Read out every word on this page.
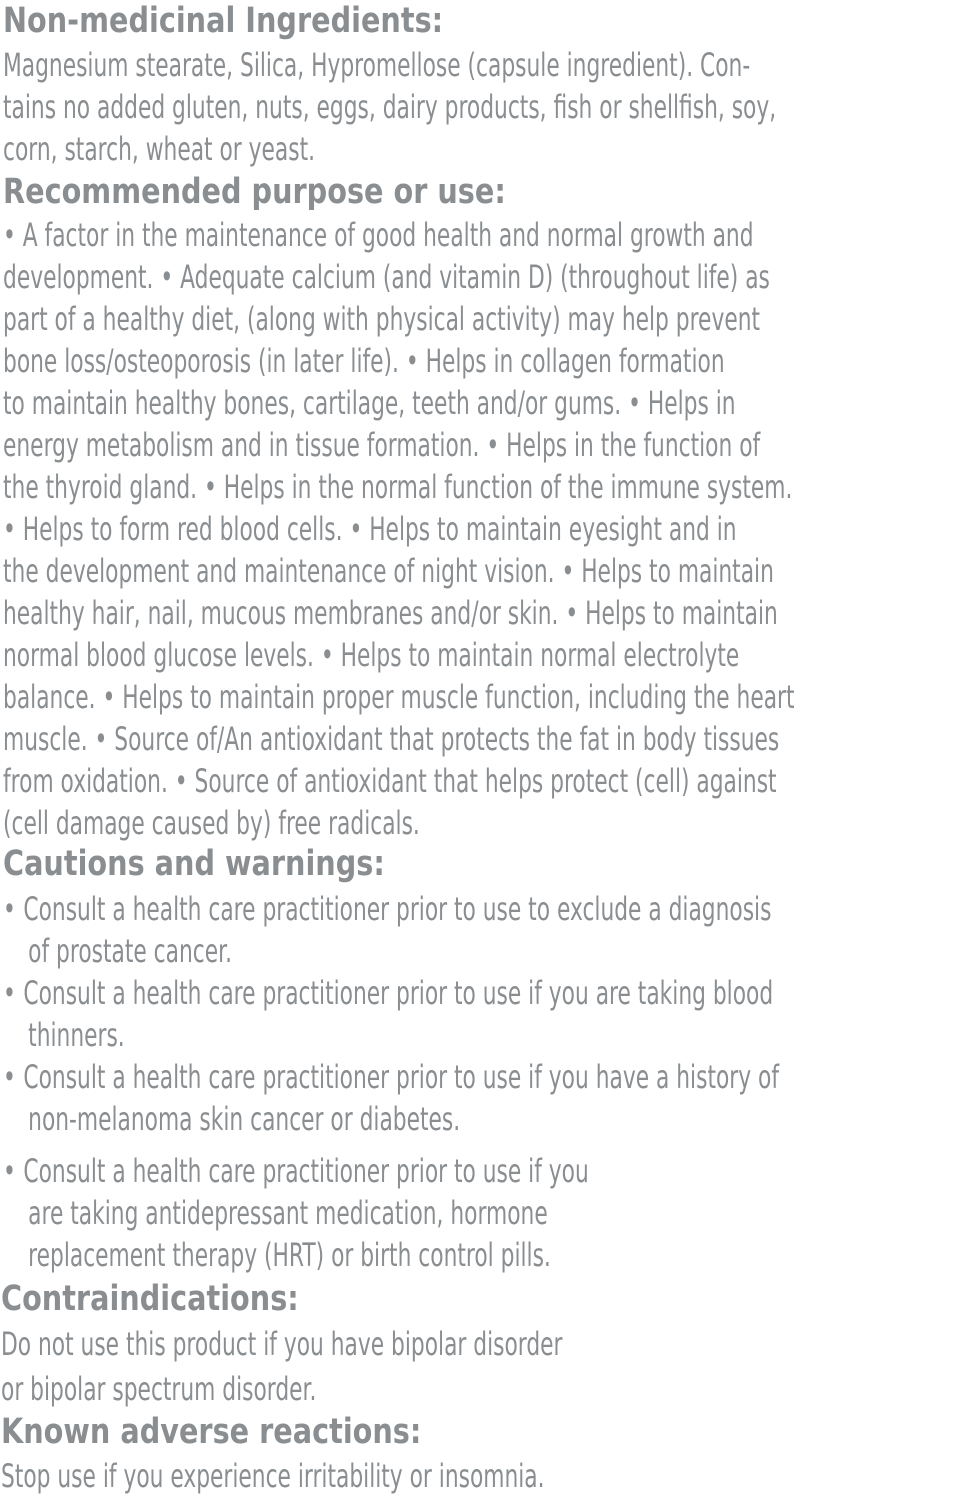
Non-medicinal Ingredients:

Magnesium stearate, Silica, Hypromellose (capsule ingredient). Con-
tains no added gluten, nuts, eggs, dairy products, fish or shellfish, soy,
corn, starch, wheat or yeast.

Recommended purpose or use:

• A factor in the maintenance of good health and normal growth and
development. • Adequate calcium (and vitamin D) (throughout life) as
part of a healthy diet, (along with physical activity) may help prevent
bone loss/osteoporosis (in later life). • Helps in collagen formation
to maintain healthy bones, cartilage, teeth and/or gums. • Helps in
energy metabolism and in tissue formation. • Helps in the function of
the thyroid gland. • Helps in the normal function of the immune system.
• Helps to form red blood cells. • Helps to maintain eyesight and in
the development and maintenance of night vision. • Helps to maintain
healthy hair, nail, mucous membranes and/or skin. • Helps to maintain
normal blood glucose levels. • Helps to maintain normal electrolyte
balance. • Helps to maintain proper muscle function, including the heart
muscle. • Source of/An antioxidant that protects the fat in body tissues
from oxidation. • Source of antioxidant that helps protect (cell) against
(cell damage caused by) free radicals.

Cautions and warnings:
• Consult a health care practitioner prior to use to exclude a diagnosis
of prostate cancer.
• Consult a health care practitioner prior to use if you are taking blood
thinners.
• Consult a health care practitioner prior to use if you have a history of
non-melanoma skin cancer or diabetes.
• Consult a health care practitioner prior to use if you
are taking antidepressant medication, hormone
replacement therapy (HRT) or birth control pills.
Contraindications:

Do not use this product if you have bipolar disorder
or bipolar spectrum disorder.

Known adverse reactions:

Stop use if you experience irritability or insomnia.
